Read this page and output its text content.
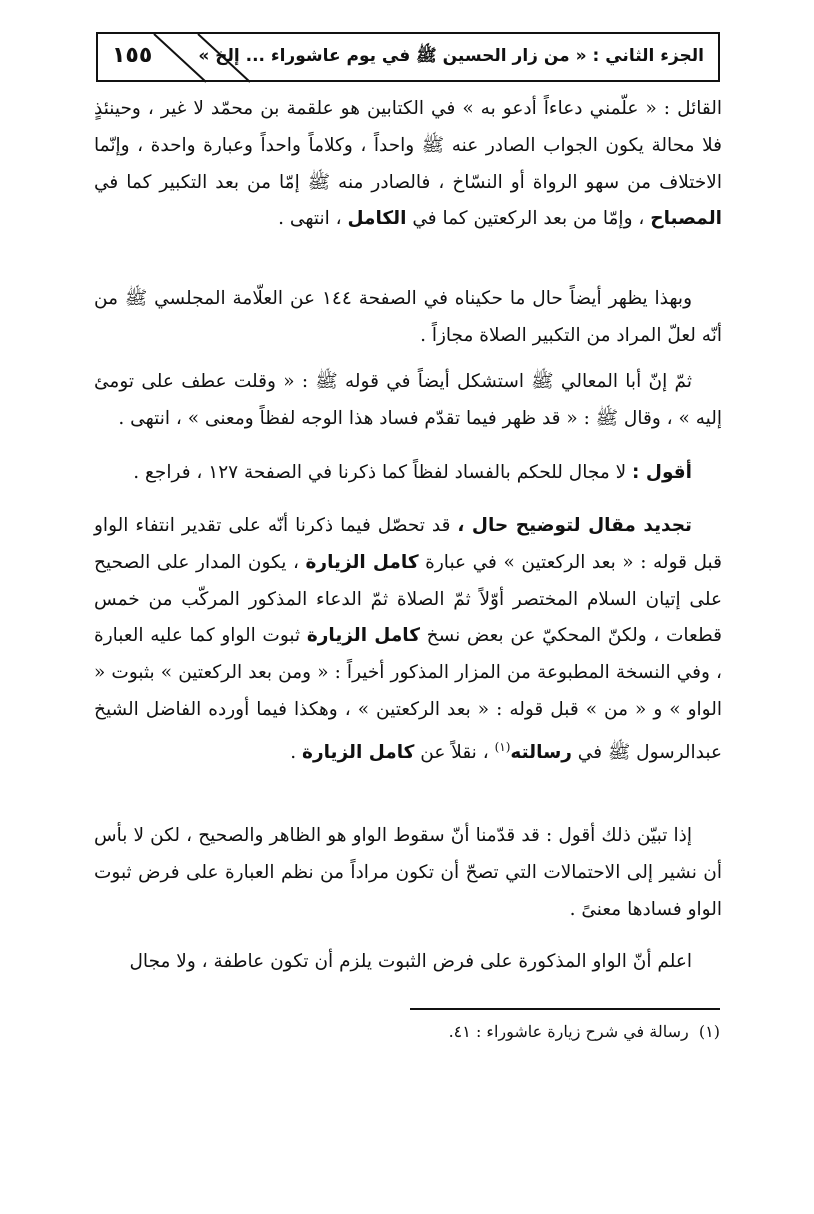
١٥٥	الجزء الثاني : « من زار الحسين ﷺ في يوم عاشوراء ... إلخ »

القائل : « علّمني دعاءاً أدعو به » في الكتابين هو علقمة بن محمّد لا غير ، وحينئذٍ فلا محالة يكون الجواب الصادر عنه ﷺ واحداً ، وكلاماً واحداً وعبارة واحدة ، وإنّما الاختلاف من سهو الرواة أو النسّاخ ، فالصادر منه ﷺ إمّا من بعد التكبير كما في المصباح ، وإمّا من بعد الركعتين كما في الكامل ، انتهى .

وبهذا يظهر أيضاً حال ما حكيناه في الصفحة ١٤٤ عن العلّامة المجلسي ﷺ من أنّه لعلّ المراد من التكبير الصلاة مجازاً .

ثمّ إنّ أبا المعالي ﷺ استشكل أيضاً في قوله ﷺ : « وقلت عطف على تومئ إليه » ، وقال ﷺ : « قد ظهر فيما تقدّم فساد هذا الوجه لفظاً ومعنى » ، انتهى .

أقول : لا مجال للحكم بالفساد لفظاً كما ذكرنا في الصفحة ١٢٧ ، فراجع .

تجديد مقال لتوضيح حال ، قد تحصّل فيما ذكرنا أنّه على تقدير انتفاء الواو قبل قوله : « بعد الركعتين » في عبارة كامل الزيارة ، يكون المدار على الصحيح على إتيان السلام المختصر أوّلاً ثمّ الصلاة ثمّ الدعاء المذكور المركّب من خمس قطعات ، ولكنّ المحكيّ عن بعض نسخ كامل الزيارة ثبوت الواو كما عليه العبارة ، وفي النسخة المطبوعة من المزار المذكور أخيراً : « ومن بعد الركعتين » بثبوت « الواو » و « من » قبل قوله : « بعد الركعتين » ، وهكذا فيما أورده الفاضل الشيخ عبدالرسول ﷺ في رسالته$^{(١)}$ ، نقلاً عن كامل الزيارة .

إذا تبيّن ذلك أقول : قد قدّمنا أنّ سقوط الواو هو الظاهر والصحيح ، لكن لا بأس أن نشير إلى الاحتمالات التي تصحّ أن تكون مراداً من نظم العبارة على فرض ثبوت الواو فسادها معنىً .

اعلم أنّ الواو المذكورة على فرض الثبوت يلزم أن تكون عاطفة ، ولا مجال

(١)  رسالة في شرح زيارة عاشوراء : ٤١.
